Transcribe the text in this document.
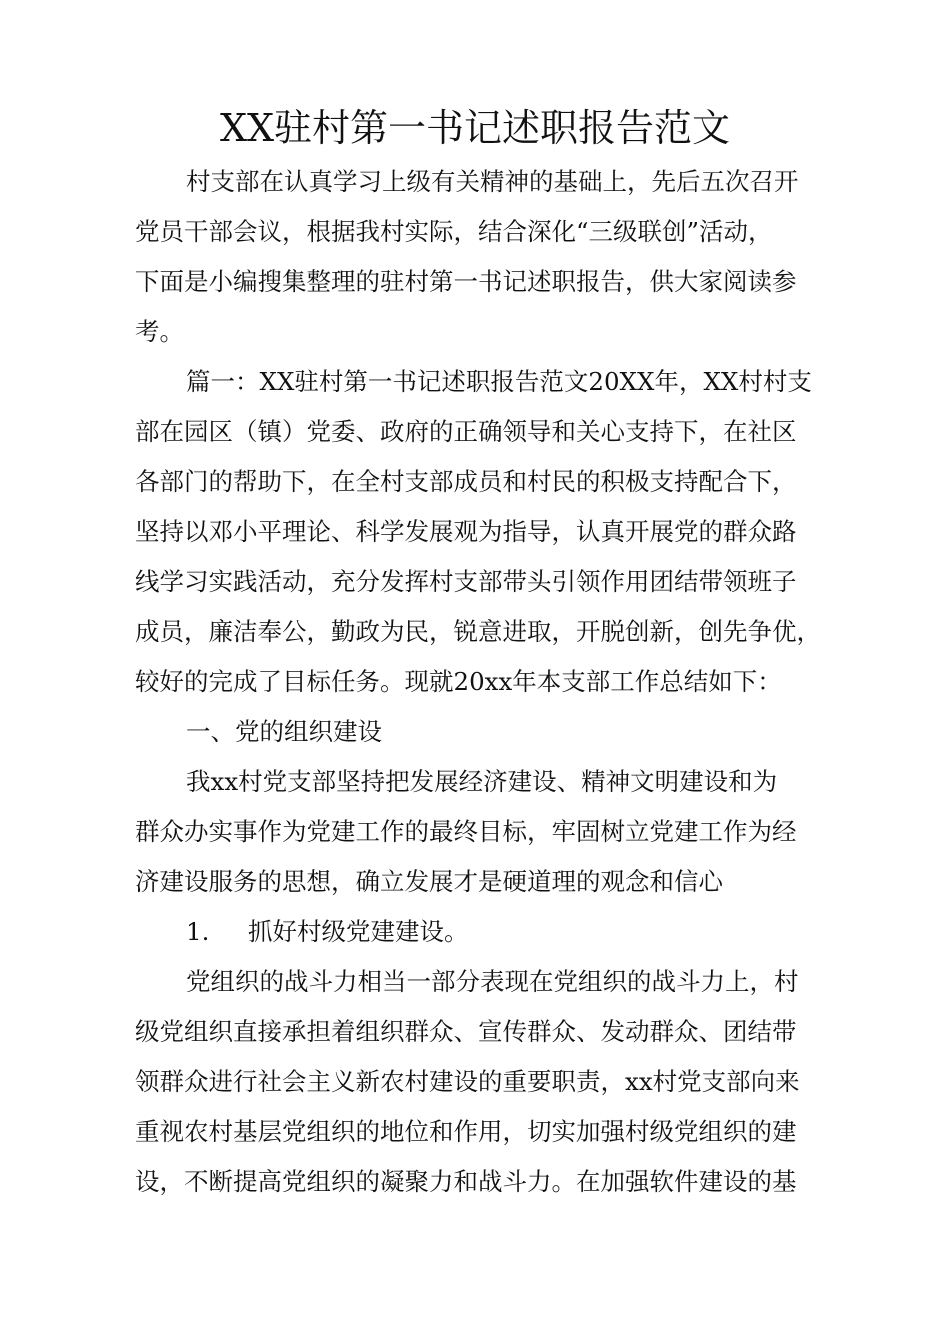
XX驻村第一书记述职报告范文
村支部在认真学习上级有关精神的基础上，先后五次召开
党员干部会议，根据我村实际，结合深化“三级联创”活动，
下面是小编搜集整理的驻村第一书记述职报告，供大家阅读参
考。
篇一：XX驻村第一书记述职报告范文20XX年，XX村村支
部在园区（镇）党委、政府的正确领导和关心支持下，在社区
各部门的帮助下，在全村支部成员和村民的积极支持配合下，
坚持以邓小平理论、科学发展观为指导，认真开展党的群众路
线学习实践活动，充分发挥村支部带头引领作用团结带领班子
成员，廉洁奉公，勤政为民，锐意进取，开脱创新，创先争优，
较好的完成了目标任务。现就20xx年本支部工作总结如下：
一、党的组织建设
我xx村党支部坚持把发展经济建设、精神文明建设和为
群众办实事作为党建工作的最终目标，牢固树立党建工作为经
济建设服务的思想，确立发展才是硬道理的观念和信心
1. 抓好村级党建建设。
党组织的战斗力相当一部分表现在党组织的战斗力上，村
级党组织直接承担着组织群众、宣传群众、发动群众、团结带
领群众进行社会主义新农村建设的重要职责，xx村党支部向来
重视农村基层党组织的地位和作用，切实加强村级党组织的建
设，不断提高党组织的凝聚力和战斗力。在加强软件建设的基
